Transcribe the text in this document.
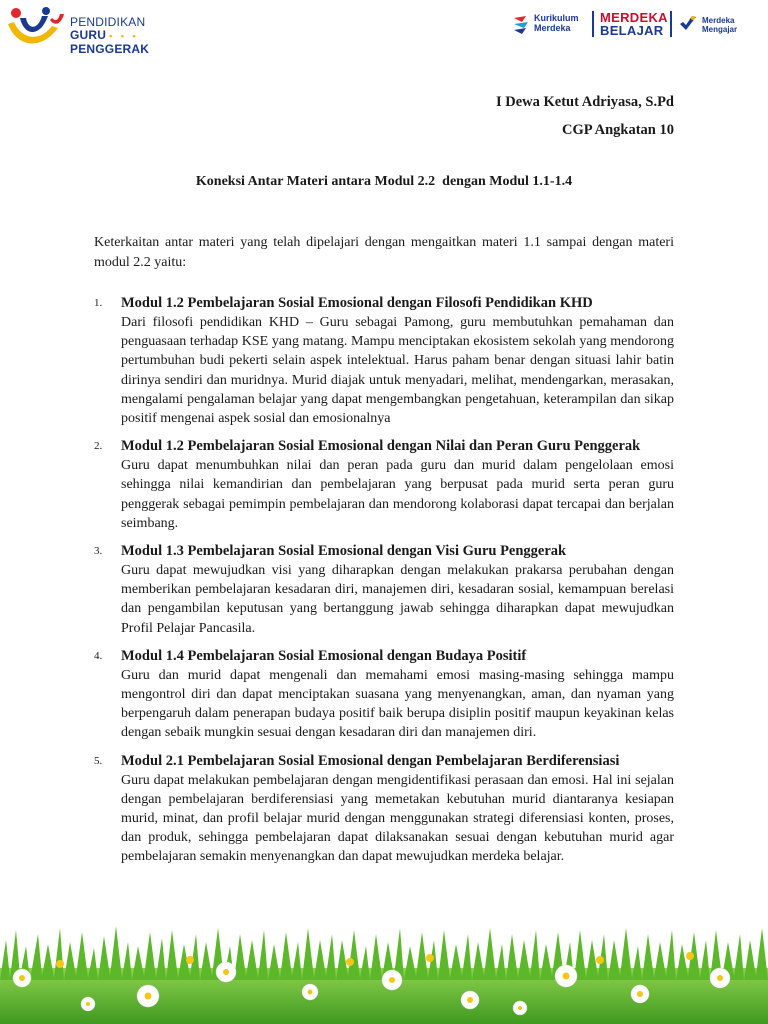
PENDIDIKAN
GURU • • •
PENGGERAK
Kurikulum
Merdeka
MERDEKA
BELAJAR
Merdeka
Mengajar
I Dewa Ketut Adriyasa, S.Pd
CGP Angkatan 10
Koneksi Antar Materi antara Modul 2.2  dengan Modul 1.1-1.4
Keterkaitan antar materi yang telah dipelajari dengan mengaitkan materi 1.1 sampai dengan materi modul 2.2 yaitu:
1. Modul 1.2 Pembelajaran Sosial Emosional dengan Filosofi Pendidikan KHD
Dari filosofi pendidikan KHD – Guru sebagai Pamong, guru membutuhkan pemahaman dan penguasaan terhadap KSE yang matang. Mampu menciptakan ekosistem sekolah yang mendorong pertumbuhan budi pekerti selain aspek intelektual. Harus paham benar dengan situasi lahir batin dirinya sendiri dan muridnya. Murid diajak untuk menyadari, melihat, mendengarkan, merasakan, mengalami pengalaman belajar yang dapat mengembangkan pengetahuan, keterampilan dan sikap positif mengenai aspek sosial dan emosionalnya
2. Modul 1.2 Pembelajaran Sosial Emosional dengan Nilai dan Peran Guru Penggerak
Guru dapat menumbuhkan nilai dan peran pada guru dan murid dalam pengelolaan emosi sehingga nilai kemandirian dan pembelajaran yang berpusat pada murid serta peran guru penggerak sebagai pemimpin pembelajaran dan mendorong kolaborasi dapat tercapai dan berjalan seimbang.
3. Modul 1.3 Pembelajaran Sosial Emosional dengan Visi Guru Penggerak
Guru dapat mewujudkan visi yang diharapkan dengan melakukan prakarsa perubahan dengan memberikan pembelajaran kesadaran diri, manajemen diri, kesadaran sosial, kemampuan berelasi dan pengambilan keputusan yang bertanggung jawab sehingga diharapkan dapat mewujudkan Profil Pelajar Pancasila.
4. Modul 1.4 Pembelajaran Sosial Emosional dengan Budaya Positif
Guru dan murid dapat mengenali dan memahami emosi masing-masing sehingga mampu mengontrol diri dan dapat menciptakan suasana yang menyenangkan, aman, dan nyaman yang berpengaruh dalam penerapan budaya positif baik berupa disiplin positif maupun keyakinan kelas dengan sebaik mungkin sesuai dengan kesadaran diri dan manajemen diri.
5. Modul 2.1 Pembelajaran Sosial Emosional dengan Pembelajaran Berdiferensiasi
Guru dapat melakukan pembelajaran dengan mengidentifikasi perasaan dan emosi. Hal ini sejalan dengan pembelajaran berdiferensiasi yang memetakan kebutuhan murid diantaranya kesiapan murid, minat, dan profil belajar murid dengan menggunakan strategi diferensiasi konten, proses, dan produk, sehingga pembelajaran dapat dilaksanakan sesuai dengan kebutuhan murid agar pembelajaran semakin menyenangkan dan dapat mewujudkan merdeka belajar.
